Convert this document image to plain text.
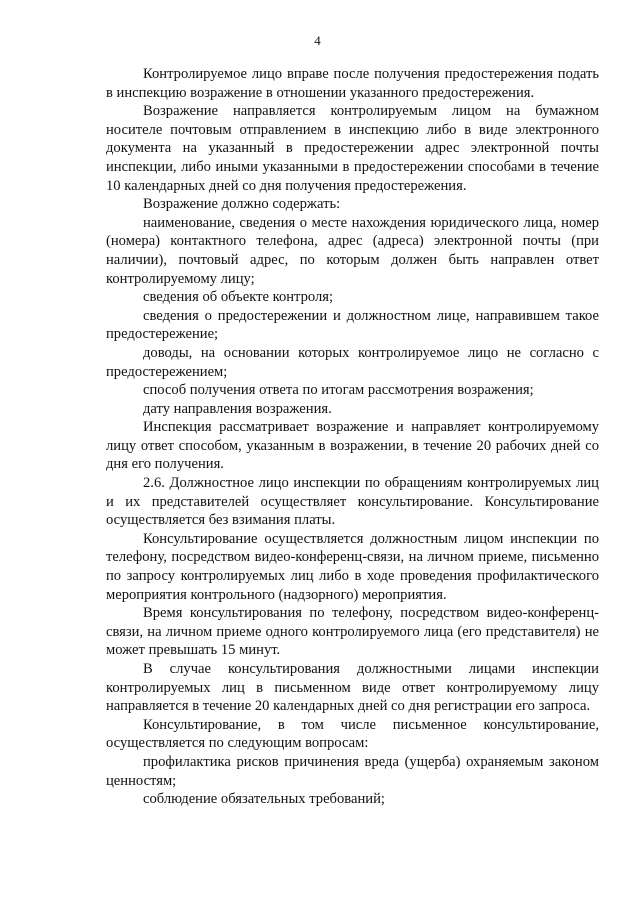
4

Контролируемое лицо вправе после получения предостережения подать в инспекцию возражение в отношении указанного предостережения.

Возражение направляется контролируемым лицом на бумажном носителе почтовым отправлением в инспекцию либо в виде электронного документа на указанный в предостережении адрес электронной почты инспекции, либо иными указанными в предостережении способами в течение 10 календарных дней со дня получения предостережения.

Возражение должно содержать:

наименование, сведения о месте нахождения юридического лица, номер (номера) контактного телефона, адрес (адреса) электронной почты (при наличии), почтовый адрес, по которым должен быть направлен ответ контролируемому лицу;

сведения об объекте контроля;

сведения о предостережении и должностном лице, направившем такое предостережение;

доводы, на основании которых контролируемое лицо не согласно с предостережением;

способ получения ответа по итогам рассмотрения возражения;

дату направления возражения.

Инспекция рассматривает возражение и направляет контролируемому лицу ответ способом, указанным в возражении, в течение 20 рабочих дней со дня его получения.

2.6. Должностное лицо инспекции по обращениям контролируемых лиц и их представителей осуществляет консультирование. Консультирование осуществляется без взимания платы.

Консультирование осуществляется должностным лицом инспекции по телефону, посредством видео-конференц-связи, на личном приеме, письменно по запросу контролируемых лиц либо в ходе проведения профилактического мероприятия контрольного (надзорного) мероприятия.

Время консультирования по телефону, посредством видео-конференц-связи, на личном приеме одного контролируемого лица (его представителя) не может превышать 15 минут.

В случае консультирования должностными лицами инспекции контролируемых лиц в письменном виде ответ контролируемому лицу направляется в течение 20 календарных дней со дня регистрации его запроса.

Консультирование, в том числе письменное консультирование, осуществляется по следующим вопросам:

профилактика рисков причинения вреда (ущерба) охраняемым законом ценностям;

соблюдение обязательных требований;
